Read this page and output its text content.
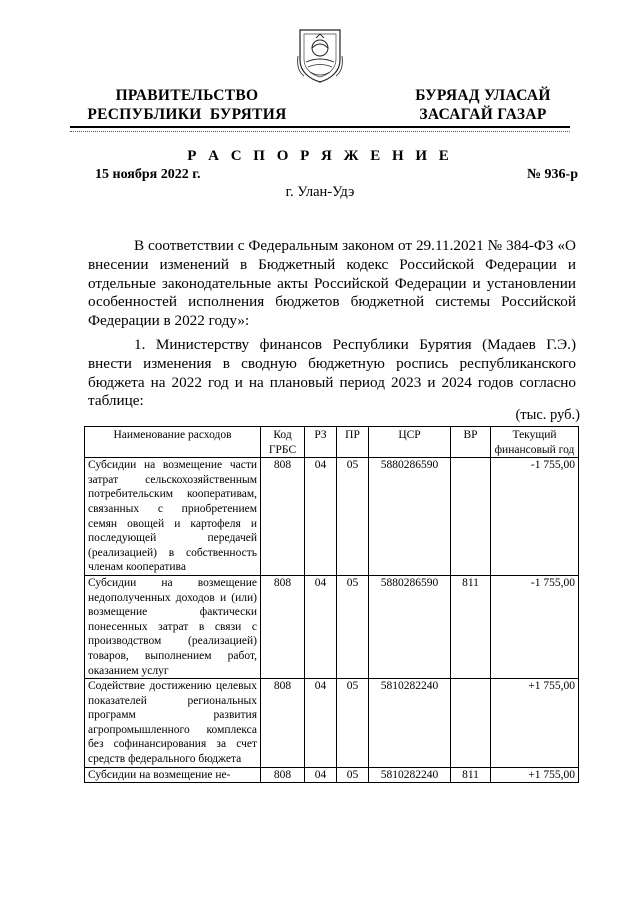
ПРАВИТЕЛЬСТВО
РЕСПУБЛИКИ  БУРЯТИЯ
БУРЯАД УЛАСАЙ
ЗАСАГАЙ ГАЗАР
Р А С П О Р Я Ж Е Н И Е
15 ноября 2022 г.	№ 936-р
г. Улан-Удэ
В соответствии с Федеральным законом от 29.11.2021 № 384-ФЗ «О внесении изменений в Бюджетный кодекс Российской Федерации и отдельные законодательные акты Российской Федерации и установлении особенностей исполнения бюджетов бюджетной системы Российской Федерации в 2022 году»:
1. Министерству финансов Республики Бурятия (Мадаев Г.Э.) внести изменения в сводную бюджетную роспись республиканского бюджета на 2022 год и на плановый период 2023 и 2024 годов согласно таблице:
(тыс. руб.)
Наименование расходов	Код ГРБС	РЗ	ПР	ЦСР	ВР	Текущий финансовый год
Субсидии на возмещение части затрат сельскохозяйственным потребительским кооперативам, связанных с приобретением семян овощей и картофеля и последующей передачей (реализацией) в собственность членам кооператива	808	04	05	5880286590		-1 755,00
Субсидии на возмещение недополученных доходов и (или) возмещение фактически понесенных затрат в связи с производством (реализацией) товаров, выполнением работ, оказанием услуг	808	04	05	5880286590	811	-1 755,00
Содействие достижению целевых показателей региональных программ развития агропромышленного комплекса без софинансирования за счет средств федерального бюджета	808	04	05	5810282240		+1 755,00
Субсидии на возмещение не-	808	04	05	5810282240	811	+1 755,00
